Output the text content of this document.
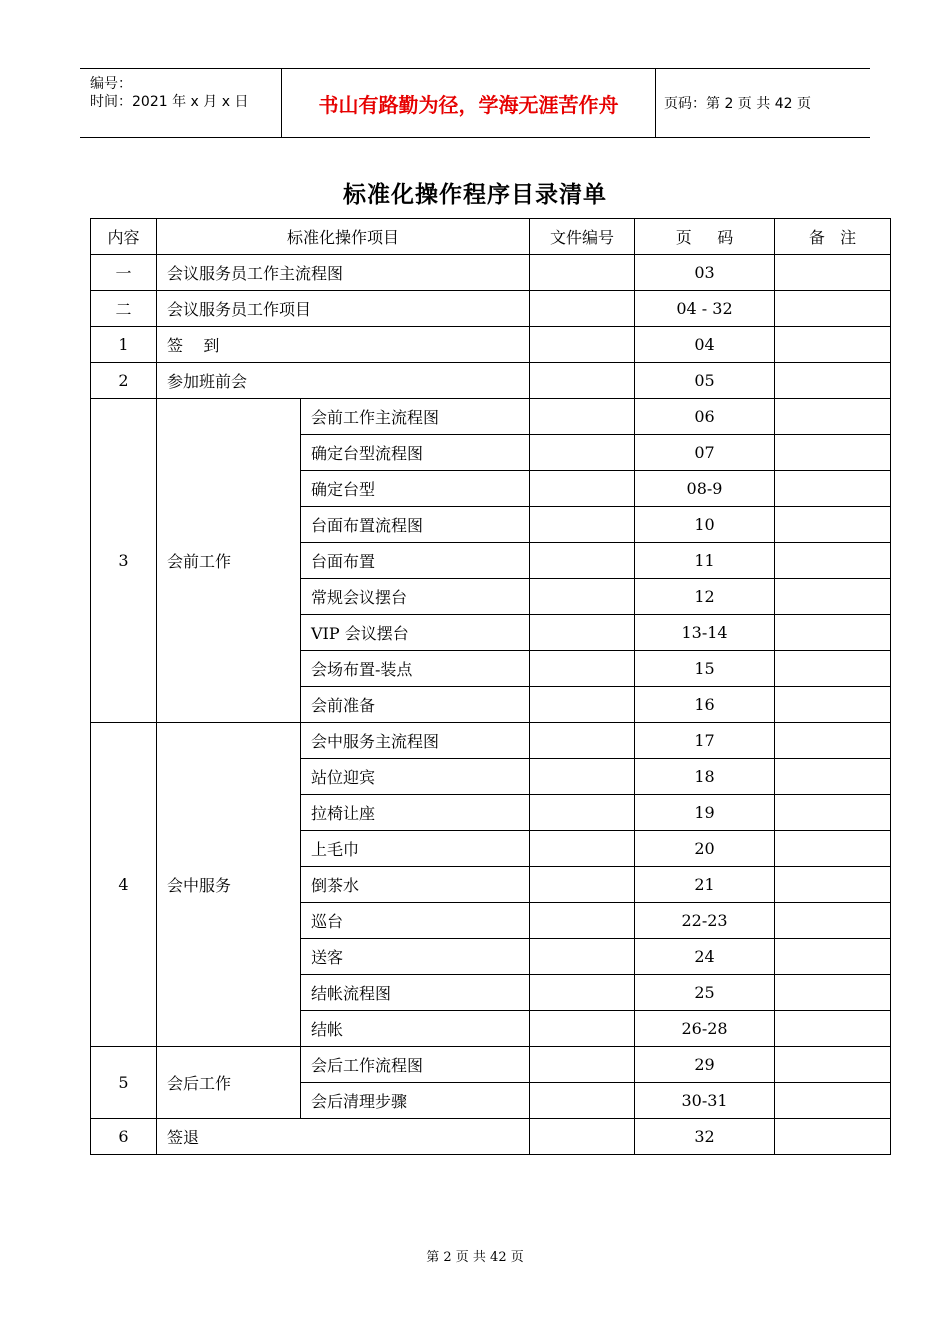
编号：
时间：2021 年 x 月 x 日	书山有路勤为径，学海无涯苦作舟	页码：第 2 页 共 42 页
标准化操作程序目录清单
内容	标准化操作项目		文件编号	页     码	备   注
一	会议服务员工作主流程图			03	
二	会议服务员工作项目			04 - 32	
1	签    到			04	
2	参加班前会			05	
3	会前工作	会前工作主流程图		06	
		确定台型流程图		07	
		确定台型		08-9	
		台面布置流程图		10	
		台面布置		11	
		常规会议摆台		12	
		VIP 会议摆台		13-14	
		会场布置-装点		15	
		会前准备		16	
4	会中服务	会中服务主流程图		17	
		站位迎宾		18	
		拉椅让座		19	
		上毛巾		20	
		倒茶水		21	
		巡台		22-23	
		送客		24	
		结帐流程图		25	
		结帐		26-28	
5	会后工作	会后工作流程图		29	
		会后清理步骤		30-31	
6	签退			32	
第 2 页 共 42 页
